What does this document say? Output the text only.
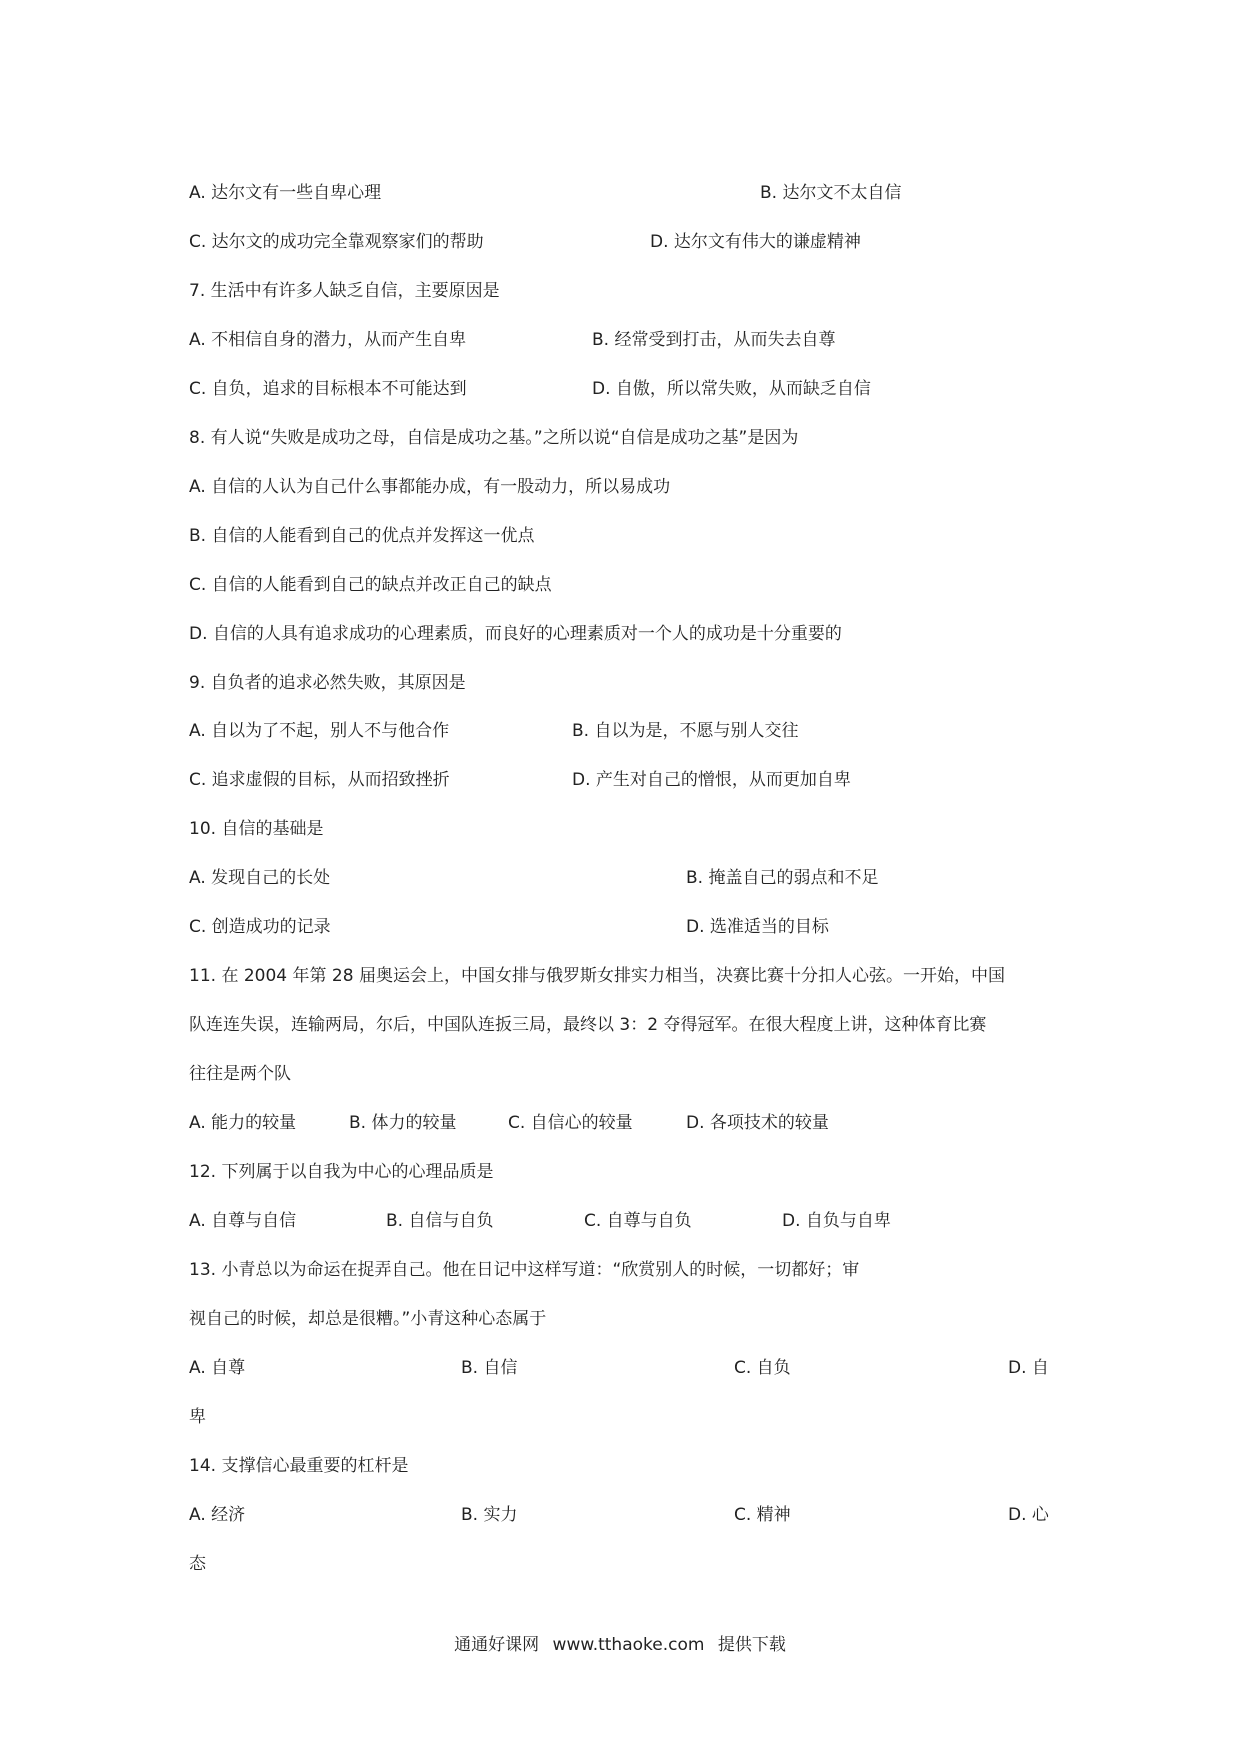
A. 达尔文有一些自卑心理	B. 达尔文不太自信
C. 达尔文的成功完全靠观察家们的帮助	D. 达尔文有伟大的谦虚精神
7. 生活中有许多人缺乏自信，主要原因是
A. 不相信自身的潜力，从而产生自卑	B. 经常受到打击，从而失去自尊
C. 自负，追求的目标根本不可能达到	D. 自傲，所以常失败，从而缺乏自信
8. 有人说“失败是成功之母，自信是成功之基。”之所以说“自信是成功之基”是因为
A. 自信的人认为自己什么事都能办成，有一股动力，所以易成功
B. 自信的人能看到自己的优点并发挥这一优点
C. 自信的人能看到自己的缺点并改正自己的缺点
D. 自信的人具有追求成功的心理素质，而良好的心理素质对一个人的成功是十分重要的
9. 自负者的追求必然失败，其原因是
A. 自以为了不起，别人不与他合作	B. 自以为是，不愿与别人交往
C. 追求虚假的目标，从而招致挫折	D. 产生对自己的憎恨，从而更加自卑
10. 自信的基础是
A. 发现自己的长处	B. 掩盖自己的弱点和不足
C. 创造成功的记录	D. 选准适当的目标
11. 在 2004 年第 28 届奥运会上，中国女排与俄罗斯女排实力相当，决赛比赛十分扣人心弦。一开始，中国
队连连失误，连输两局，尔后，中国队连扳三局，最终以 3：2 夺得冠军。在很大程度上讲，这种体育比赛
往往是两个队
A. 能力的较量	B. 体力的较量	C. 自信心的较量	D. 各项技术的较量
12. 下列属于以自我为中心的心理品质是
A. 自尊与自信	B. 自信与自负	C. 自尊与自负	D. 自负与自卑
13. 小青总以为命运在捉弄自己。他在日记中这样写道：“欣赏别人的时候，一切都好；审
视自己的时候，却总是很糟。”小青这种心态属于
A. 自尊	B. 自信	C. 自负	D. 自
卑
14. 支撑信心最重要的杠杆是
A. 经济	B. 实力	C. 精神	D. 心
态
通通好课网 www.tthaoke.com 提供下载
